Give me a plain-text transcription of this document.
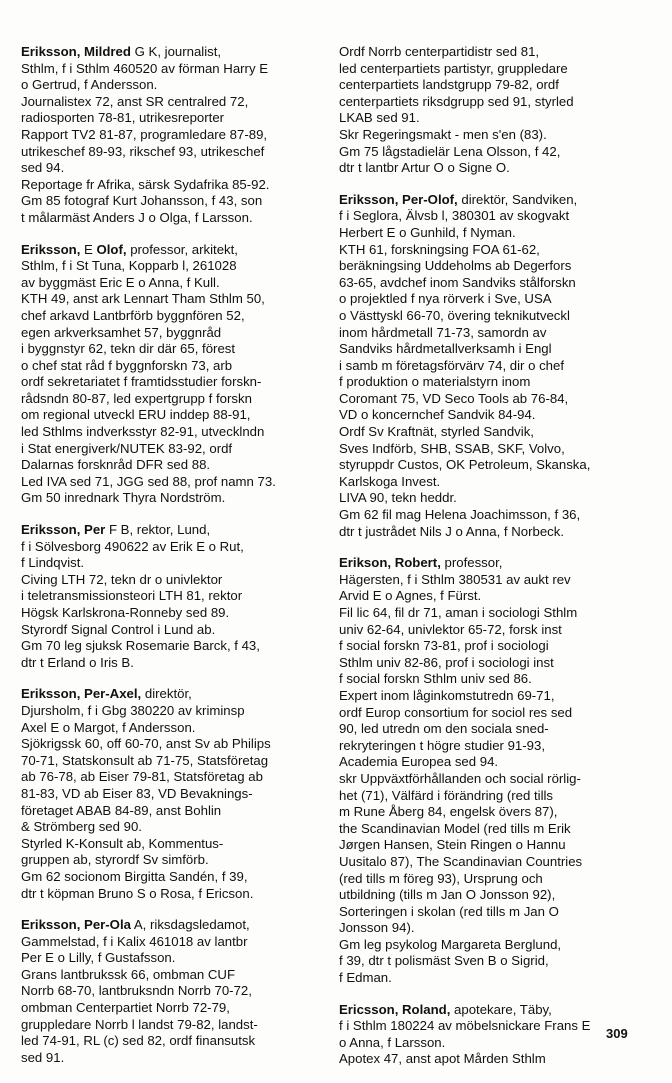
Eriksson, Mildred G K, journalist,
Sthlm, f i Sthlm 460520 av förman Harry E
o Gertrud, f Andersson.
Journalistex 72, anst SR centralred 72,
radiosporten 78-81, utrikesreporter
Rapport TV2 81-87, programledare 87-89,
utrikeschef 89-93, rikschef 93, utrikeschef
sed 94.
Reportage fr Afrika, särsk Sydafrika 85-92.
Gm 85 fotograf Kurt Johansson, f 43, son
t målarmäst Anders J o Olga, f Larsson.
Eriksson, E Olof, professor, arkitekt,
Sthlm, f i St Tuna, Kopparb l, 261028
av byggmäst Eric E o Anna, f Kull.
KTH 49, anst ark Lennart Tham Sthlm 50,
chef arkavd Lantbrförb byggnfören 52,
egen arkverksamhet 57, byggnråd
i byggnstyr 62, tekn dir där 65, förest
o chef stat råd f byggnforskn 73, arb
ordf sekretariatet f framtidsstudier forskn-
rådsndn 80-87, led expertgrupp f forskn
om regional utveckl ERU inddep 88-91,
led Sthlms indverksstyr 82-91, utvecklndn
i Stat energiverk/NUTEK 83-92, ordf
Dalarnas forsknråd DFR sed 88.
Led IVA sed 71, JGG sed 88, prof namn 73.
Gm 50 inrednark Thyra Nordström.
Eriksson, Per F B, rektor, Lund,
f i Sölvesborg 490622 av Erik E o Rut,
f Lindqvist.
Civing LTH 72, tekn dr o univlektor
i teletransmissionsteori LTH 81, rektor
Högsk Karlskrona-Ronneby sed 89.
Styrordf Signal Control i Lund ab.
Gm 70 leg sjuksk Rosemarie Barck, f 43,
dtr t Erland o Iris B.
Eriksson, Per-Axel, direktör,
Djursholm, f i Gbg 380220 av kriminsp
Axel E o Margot, f Andersson.
Sjökrigssk 60, off 60-70, anst Sv ab Philips
70-71, Statskonsult ab 71-75, Statsföretag
ab 76-78, ab Eiser 79-81, Statsföretag ab
81-83, VD ab Eiser 83, VD Bevaknings-
företaget ABAB 84-89, anst Bohlin
& Strömberg sed 90.
Styrled K-Konsult ab, Kommentus-
gruppen ab, styrordf Sv simförb.
Gm 62 socionom Birgitta Sandén, f 39,
dtr t köpman Bruno S o Rosa, f Ericson.
Eriksson, Per-Ola A, riksdagsledamot,
Gammelstad, f i Kalix 461018 av lantbr
Per E o Lilly, f Gustafsson.
Grans lantbrukssk 66, ombman CUF
Norrb 68-70, lantbruksndn Norrb 70-72,
ombman Centerpartiet Norrb 72-79,
gruppledare Norrb l landst 79-82, landst-
led 74-91, RL (c) sed 82, ordf finansutsk
sed 91.
Ordf Norrb centerpartidistr sed 81,
led centerpartiets partistyr, gruppledare
centerpartiets landstgrupp 79-82, ordf
centerpartiets riksdgrupp sed 91, styrled
LKAB sed 91.
Skr Regeringsmakt - men s'en (83).
Gm 75 lågstadielär Lena Olsson, f 42,
dtr t lantbr Artur O o Signe O.
Eriksson, Per-Olof, direktör, Sandviken,
f i Seglora, Älvsb l, 380301 av skogvakt
Herbert E o Gunhild, f Nyman.
KTH 61, forskningsing FOA 61-62,
beräkningsing Uddeholms ab Degerfors
63-65, avdchef inom Sandviks stålforskn
o projektled f nya rörverk i Sve, USA
o Västtyskl 66-70, övering teknikutveckl
inom hårdmetall 71-73, samordn av
Sandviks hårdmetallverksamh i Engl
i samb m företagsförvärv 74, dir o chef
f produktion o materialstyrn inom
Coromant 75, VD Seco Tools ab 76-84,
VD o koncernchef Sandvik 84-94.
Ordf Sv Kraftnät, styrled Sandvik,
Sves Indförb, SHB, SSAB, SKF, Volvo,
styruppdr Custos, OK Petroleum, Skanska,
Karlskoga Invest.
LIVA 90, tekn heddr.
Gm 62 fil mag Helena Joachimsson, f 36,
dtr t justrådet Nils J o Anna, f Norbeck.
Erikson, Robert, professor,
Hägersten, f i Sthlm 380531 av aukt rev
Arvid E o Agnes, f Fürst.
Fil lic 64, fil dr 71, aman i sociologi Sthlm
univ 62-64, univlektor 65-72, forsk inst
f social forskn 73-81, prof i sociologi
Sthlm univ 82-86, prof i sociologi inst
f social forskn Sthlm univ sed 86.
Expert inom låginkomstutredn 69-71,
ordf Europ consortium for sociol res sed
90, led utredn om den sociala sned-
rekryteringen t högre studier 91-93,
Academia Europea sed 94.
skr Uppväxtförhållanden och social rörlig-
het (71), Välfärd i förändring (red tills
m Rune Åberg 84, engelsk övers 87),
the Scandinavian Model (red tills m Erik
Jørgen Hansen, Stein Ringen o Hannu
Uusitalo 87), The Scandinavian Countries
(red tills m föreg 93), Ursprung och
utbildning (tills m Jan O Jonsson 92),
Sorteringen i skolan (red tills m Jan O
Jonsson 94).
Gm leg psykolog Margareta Berglund,
f 39, dtr t polismäst Sven B o Sigrid,
f Edman.
Ericsson, Roland, apotekare, Täby,
f i Sthlm 180224 av möbelsnickare Frans E
o Anna, f Larsson.
Apotex 47, anst apot Mården Sthlm
309
